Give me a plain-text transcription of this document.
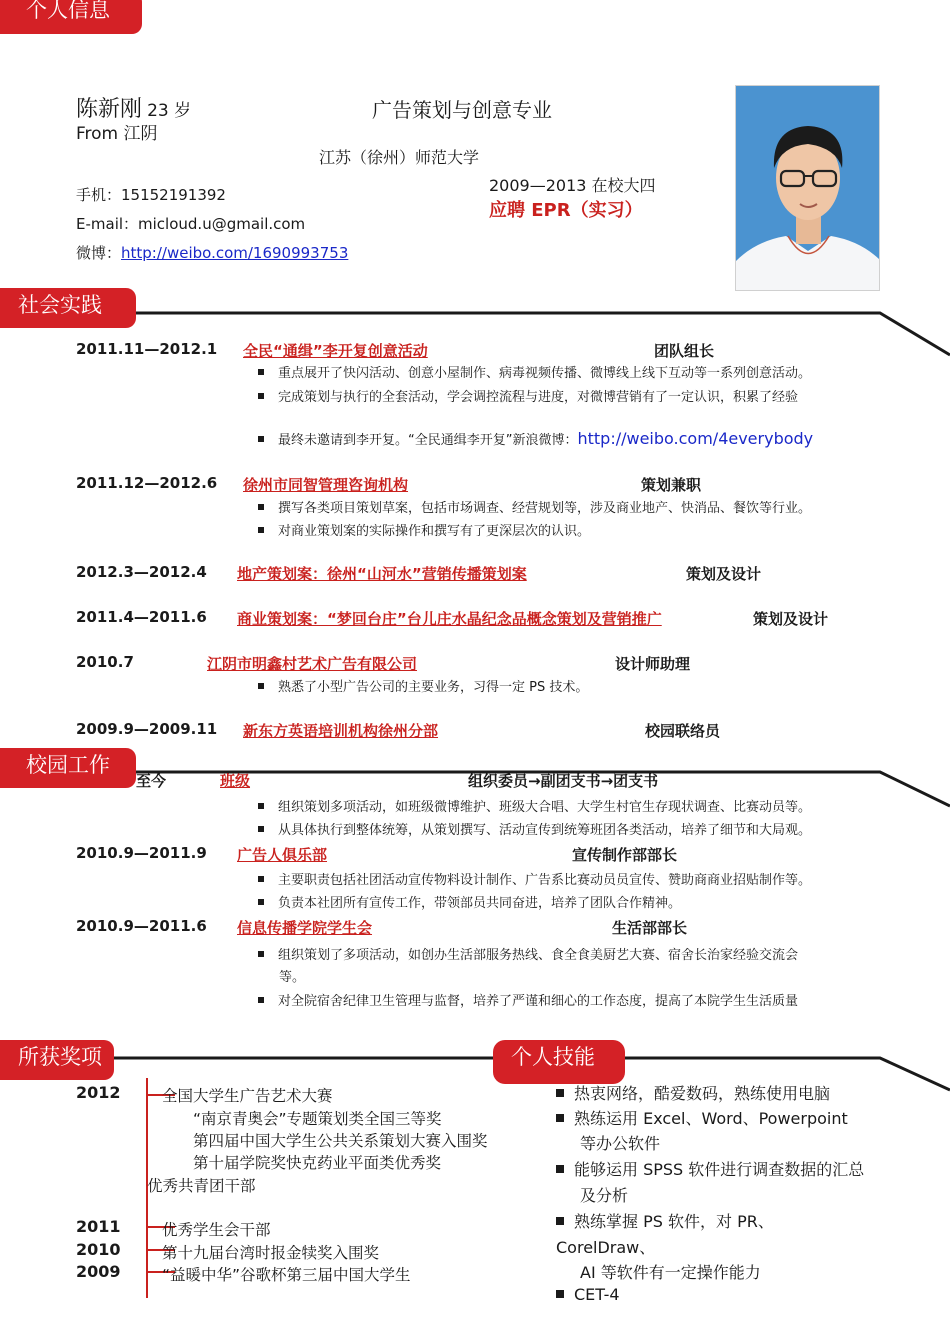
个人信息
社会实践
校园工作
所获奖项	个人技能
陈新刚 23 岁
From 江阴
广告策划与创意专业
江苏（徐州）师范大学
2009—2013 在校大四
应聘 EPR（实习）
手机：15152191392
E-mail：micloud.u@gmail.com
微博：http://weibo.com/1690993753
2011.11—2012.1 全民“通缉”李开复创意活动	团队组长
重点展开了快闪活动、创意小屋制作、病毒视频传播、微博线上线下互动等一系列创意活动。
完成策划与执行的全套活动，学会调控流程与进度，对微博营销有了一定认识，积累了经验
最终未邀请到李开复。“全民通缉李开复”新浪微博：http://weibo.com/4everybody
2011.12—2012.6 徐州市同智管理咨询机构	策划兼职
撰写各类项目策划草案，包括市场调查、经营规划等，涉及商业地产、快消品、餐饮等行业。
对商业策划案的实际操作和撰写有了更深层次的认识。
2012.3—2012.4 地产策划案：徐州“山河水”营销传播策划案	策划及设计
2011.4—2011.6 商业策划案：“梦回台庄”台儿庄水晶纪念品概念策划及营销推广	策划及设计
2010.7	江阴市明鑫村艺术广告有限公司	设计师助理
熟悉了小型广告公司的主要业务，习得一定 PS 技术。
2009.9—2009.11 新东方英语培训机构徐州分部	校园联络员
至今	班级	组织委员→副团支书→团支书
组织策划多项活动，如班级微博维护、班级大合唱、大学生村官生存现状调查、比赛动员等。
从具体执行到整体统筹，从策划撰写、活动宣传到统筹班团各类活动，培养了细节和大局观。
2010.9—2011.9 广告人俱乐部	宣传制作部部长
主要职责包括社团活动宣传物料设计制作、广告系比赛动员员宣传、赞助商商业招贴制作等。
负责本社团所有宣传工作，带领部员共同奋进，培养了团队合作精神。
2010.9—2011.6 信息传播学院学生会	生活部部长
组织策划了多项活动，如创办生活部服务热线、食全食美厨艺大赛、宿舍长治家经验交流会
等。
对全院宿舍纪律卫生管理与监督，培养了严谨和细心的工作态度，提高了本院学生生活质量
2012	全国大学生广告艺术大赛
“南京青奥会”专题策划类全国三等奖
第四届中国大学生公共关系策划大赛入围奖
第十届学院奖快克药业平面类优秀奖
优秀共青团干部
2011	优秀学生会干部
2010	第十九届台湾时报金犊奖入围奖
2009	“益暖中华”谷歌杯第三届中国大学生
热衷网络，酷爱数码，熟练使用电脑
熟练运用 Excel、Word、Powerpoint
等办公软件
能够运用 SPSS 软件进行调查数据的汇总
及分析
熟练掌握 PS 软件，对 PR、
CorelDraw、
AI 等软件有一定操作能力
CET-4
